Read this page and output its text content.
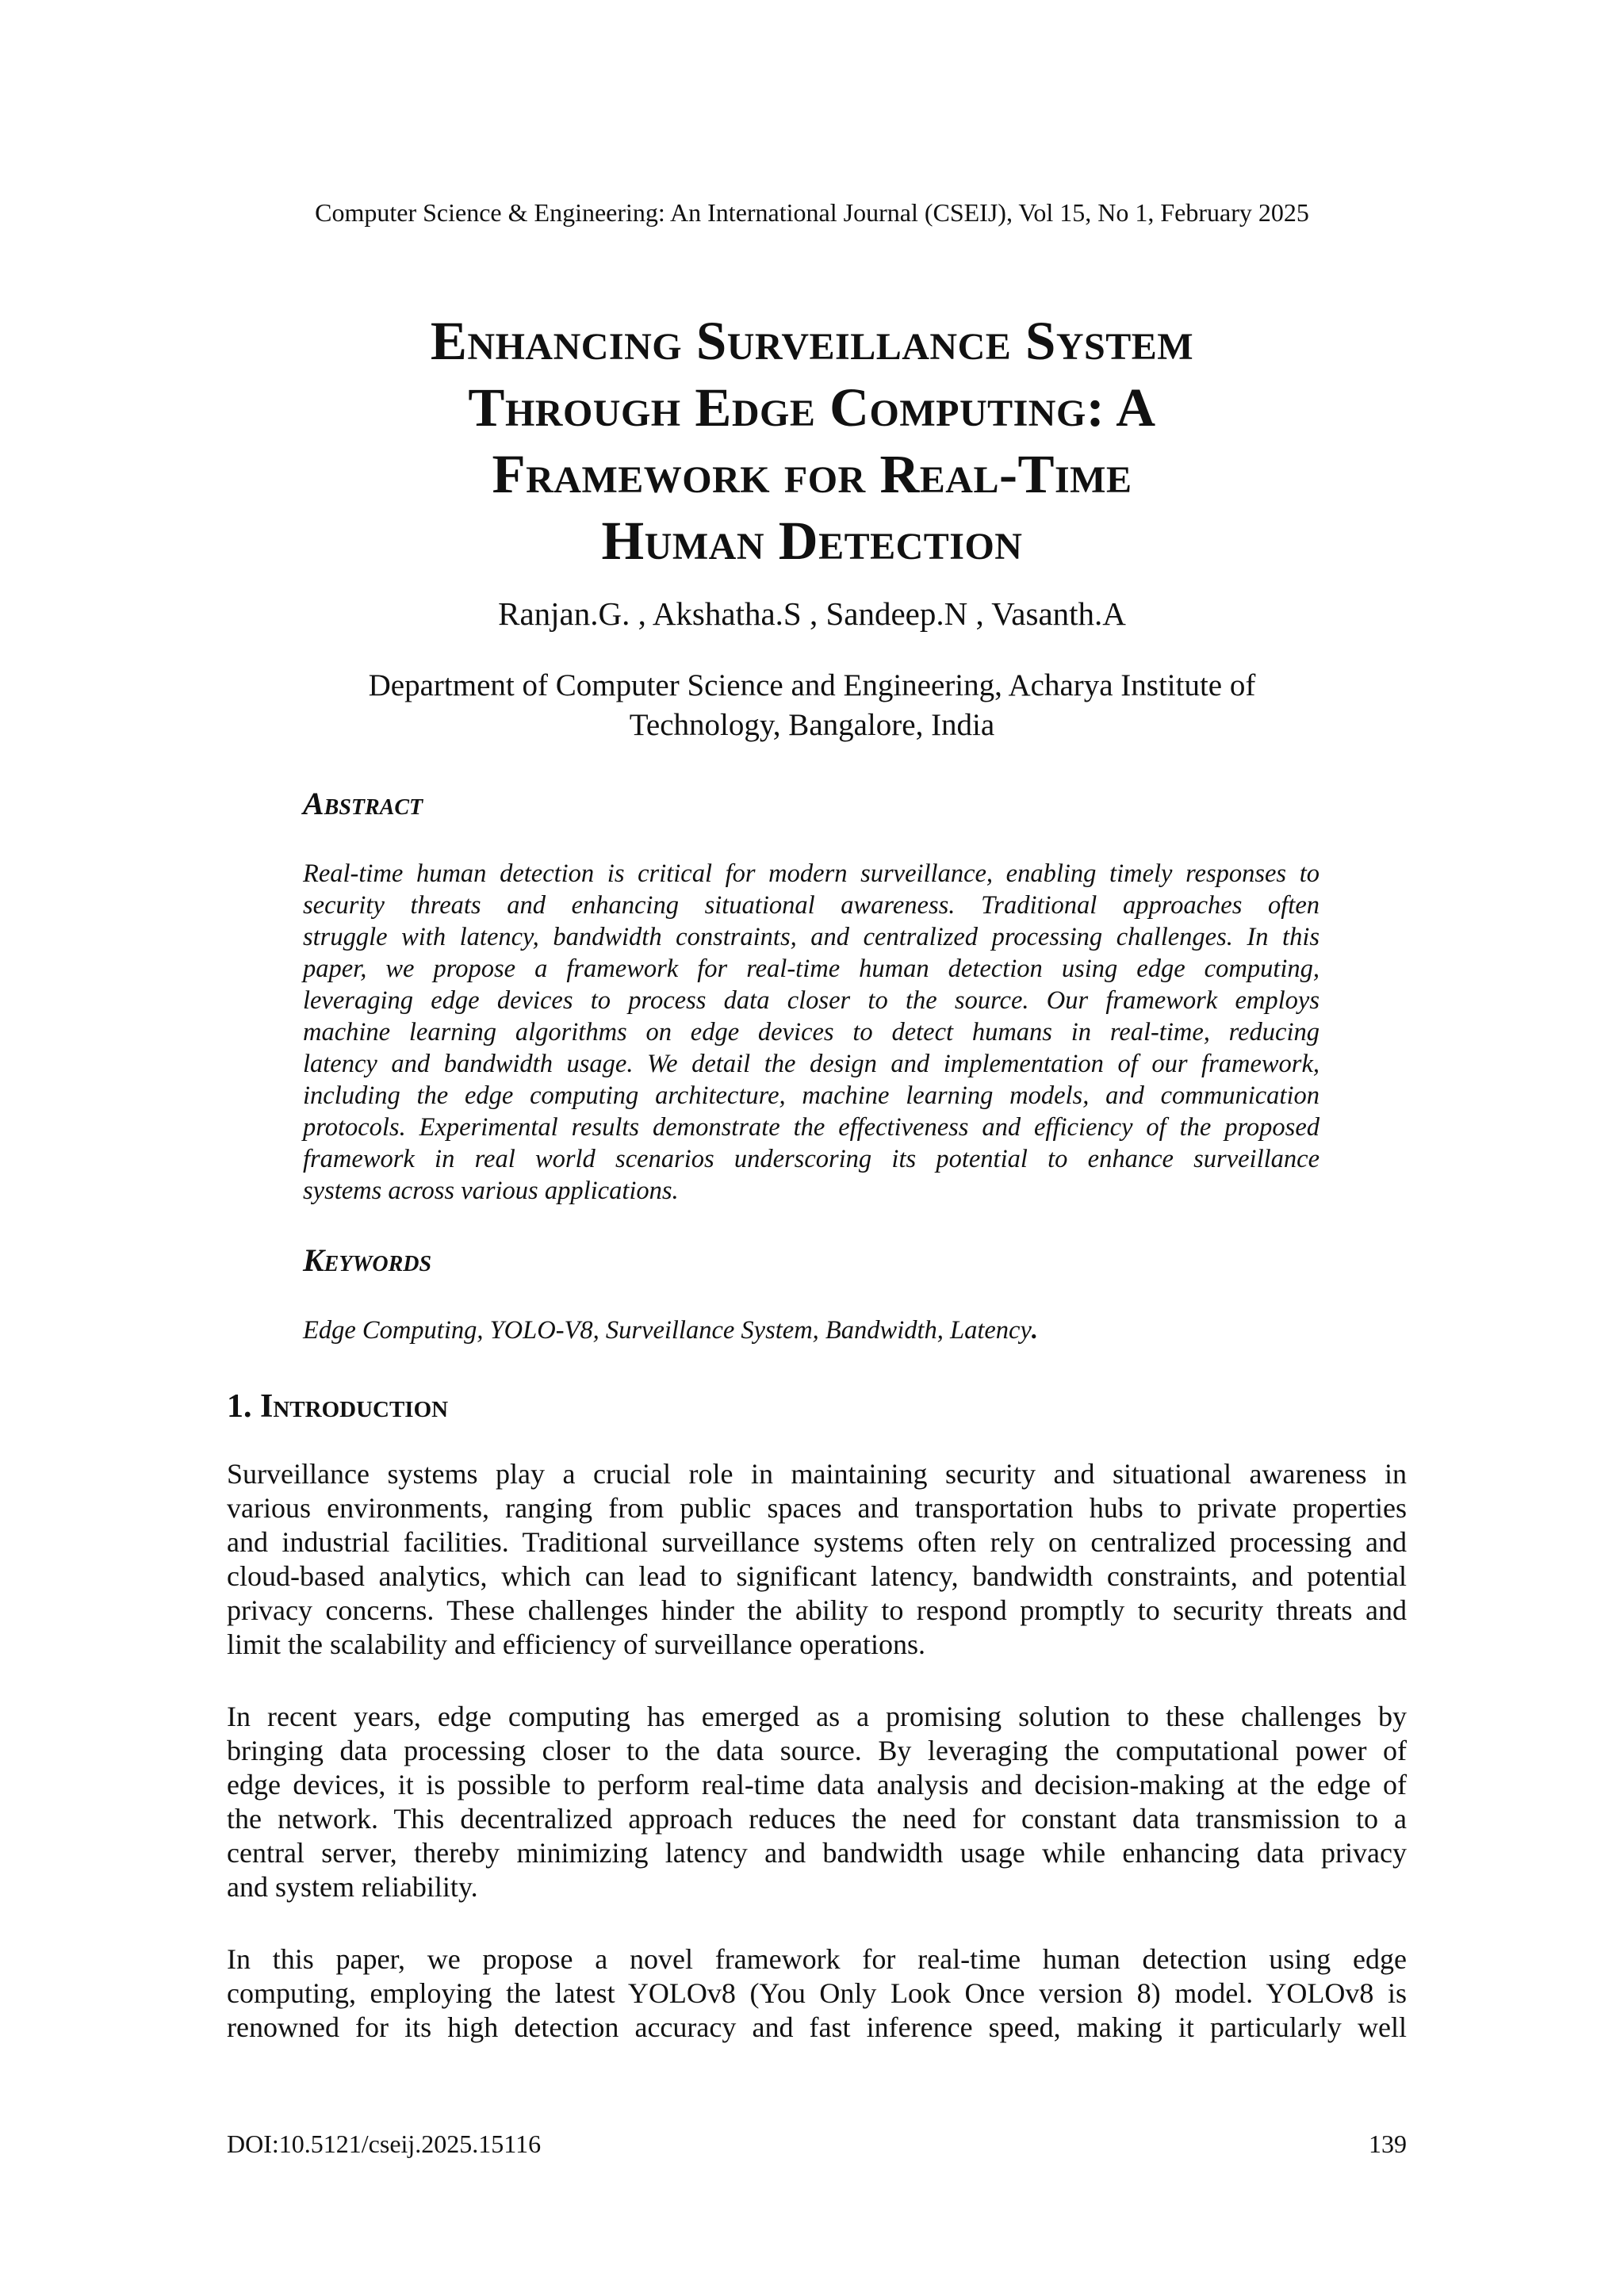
Computer Science & Engineering: An International Journal (CSEIJ), Vol 15, No 1, February 2025
Enhancing Surveillance System
Through Edge Computing: A
Framework for Real-Time
Human Detection
Ranjan.G. , Akshatha.S , Sandeep.N , Vasanth.A
Department of Computer Science and Engineering, Acharya Institute of
Technology, Bangalore, India
Abstract
Real-time human detection is critical for modern surveillance, enabling timely responses to
security threats and enhancing situational awareness. Traditional approaches often
struggle with latency, bandwidth constraints, and centralized processing challenges. In this
paper, we propose a framework for real-time human detection using edge computing,
leveraging edge devices to process data closer to the source. Our framework employs
machine learning algorithms on edge devices to detect humans in real-time, reducing
latency and bandwidth usage. We detail the design and implementation of our framework,
including the edge computing architecture, machine learning models, and communication
protocols. Experimental results demonstrate the effectiveness and efficiency of the proposed
framework in real world scenarios underscoring its potential to enhance surveillance
systems across various applications.
Keywords
Edge Computing, YOLO-V8, Surveillance System, Bandwidth, Latency.
1. Introduction
Surveillance systems play a crucial role in maintaining security and situational awareness in
various environments, ranging from public spaces and transportation hubs to private properties
and industrial facilities. Traditional surveillance systems often rely on centralized processing and
cloud-based analytics, which can lead to significant latency, bandwidth constraints, and potential
privacy concerns. These challenges hinder the ability to respond promptly to security threats and
limit the scalability and efficiency of surveillance operations.
In recent years, edge computing has emerged as a promising solution to these challenges by
bringing data processing closer to the data source. By leveraging the computational power of
edge devices, it is possible to perform real-time data analysis and decision-making at the edge of
the network. This decentralized approach reduces the need for constant data transmission to a
central server, thereby minimizing latency and bandwidth usage while enhancing data privacy
and system reliability.
In this paper, we propose a novel framework for real-time human detection using edge
computing, employing the latest YOLOv8 (You Only Look Once version 8) model. YOLOv8 is
renowned for its high detection accuracy and fast inference speed, making it particularly well
DOI:10.5121/cseij.2025.15116	139
